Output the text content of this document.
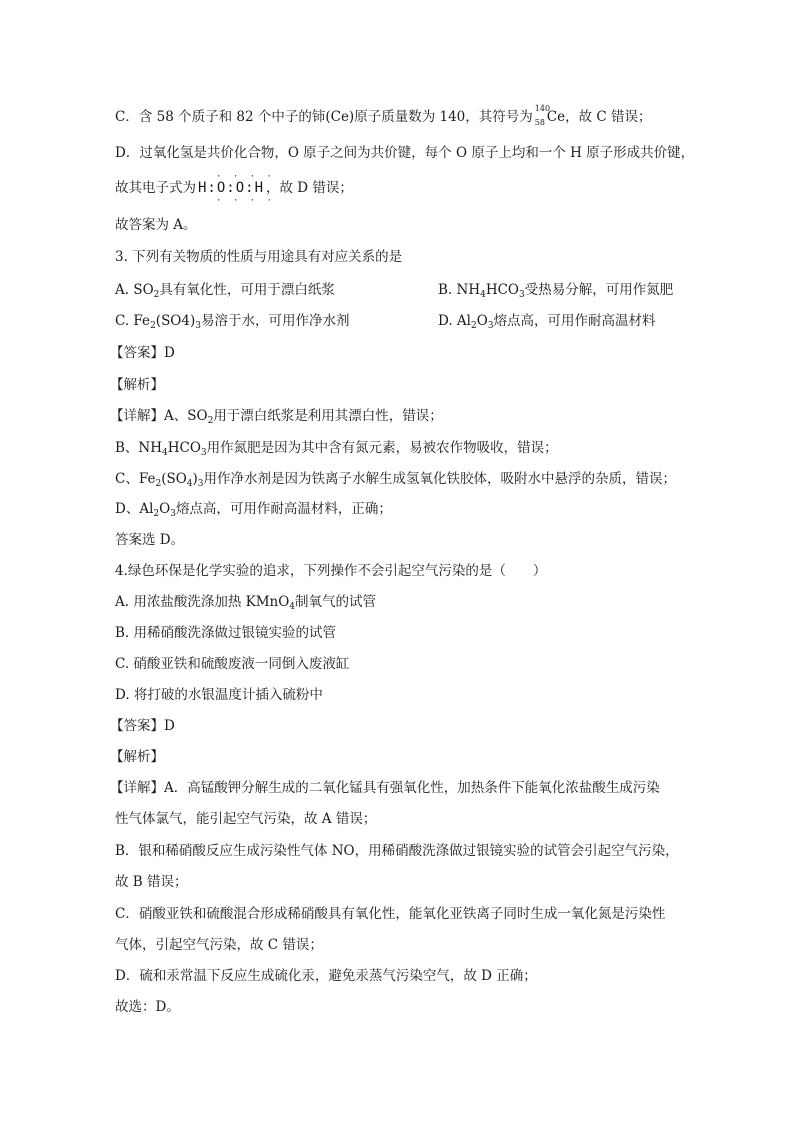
C．含 58 个质子和 82 个中子的铈(Ce)原子质量数为 140，其符号为
140
58 Ce，故 C 错误；
D．过氧化氢是共价化合物，O 原子之间为共价键，每个 O 原子上均和一个 H 原子形成共价键，
故其电子式为
· · · ·
H:O:O:H
· · · ·
，故 D 错误；
故答案为 A。
3. 下列有关物质的性质与用途具有对应关系的是
A. $SO_2$具有氧化性，可用于漂白纸浆	B. $NH_4HCO_3$受热易分解，可用作氮肥
C. $Fe_2(SO4)_3$易溶于水，可用作净水剂	D. $Al_2O_3$熔点高，可用作耐高温材料
【答案】D
【解析】
【详解】A、$SO_2$用于漂白纸浆是利用其漂白性，错误；
B、$NH_4HCO_3$用作氮肥是因为其中含有氮元素，易被农作物吸收，错误；
C、$Fe_2(SO_4)_3$用作净水剂是因为铁离子水解生成氢氧化铁胶体，吸附水中悬浮的杂质，错误；
D、$Al_2O_3$熔点高，可用作耐高温材料，正确；
答案选 D。
4.绿色环保是化学实验的追求，下列操作不会引起空气污染的是（　　）
A. 用浓盐酸洗涤加热 KMnO$_4$制氧气的试管
B. 用稀硝酸洗涤做过银镜实验的试管
C. 硝酸亚铁和硫酸废液一同倒入废液缸
D. 将打破的水银温度计插入硫粉中
【答案】D
【解析】
【详解】A．高锰酸钾分解生成的二氧化锰具有强氧化性，加热条件下能氧化浓盐酸生成污染
性气体氯气，能引起空气污染，故 A 错误；
B．银和稀硝酸反应生成污染性气体 NO，用稀硝酸洗涤做过银镜实验的试管会引起空气污染，
故 B 错误；
C．硝酸亚铁和硫酸混合形成稀硝酸具有氧化性，能氧化亚铁离子同时生成一氧化氮是污染性
气体，引起空气污染，故 C 错误；
D．硫和汞常温下反应生成硫化汞，避免汞蒸气污染空气，故 D 正确；
故选：D。
